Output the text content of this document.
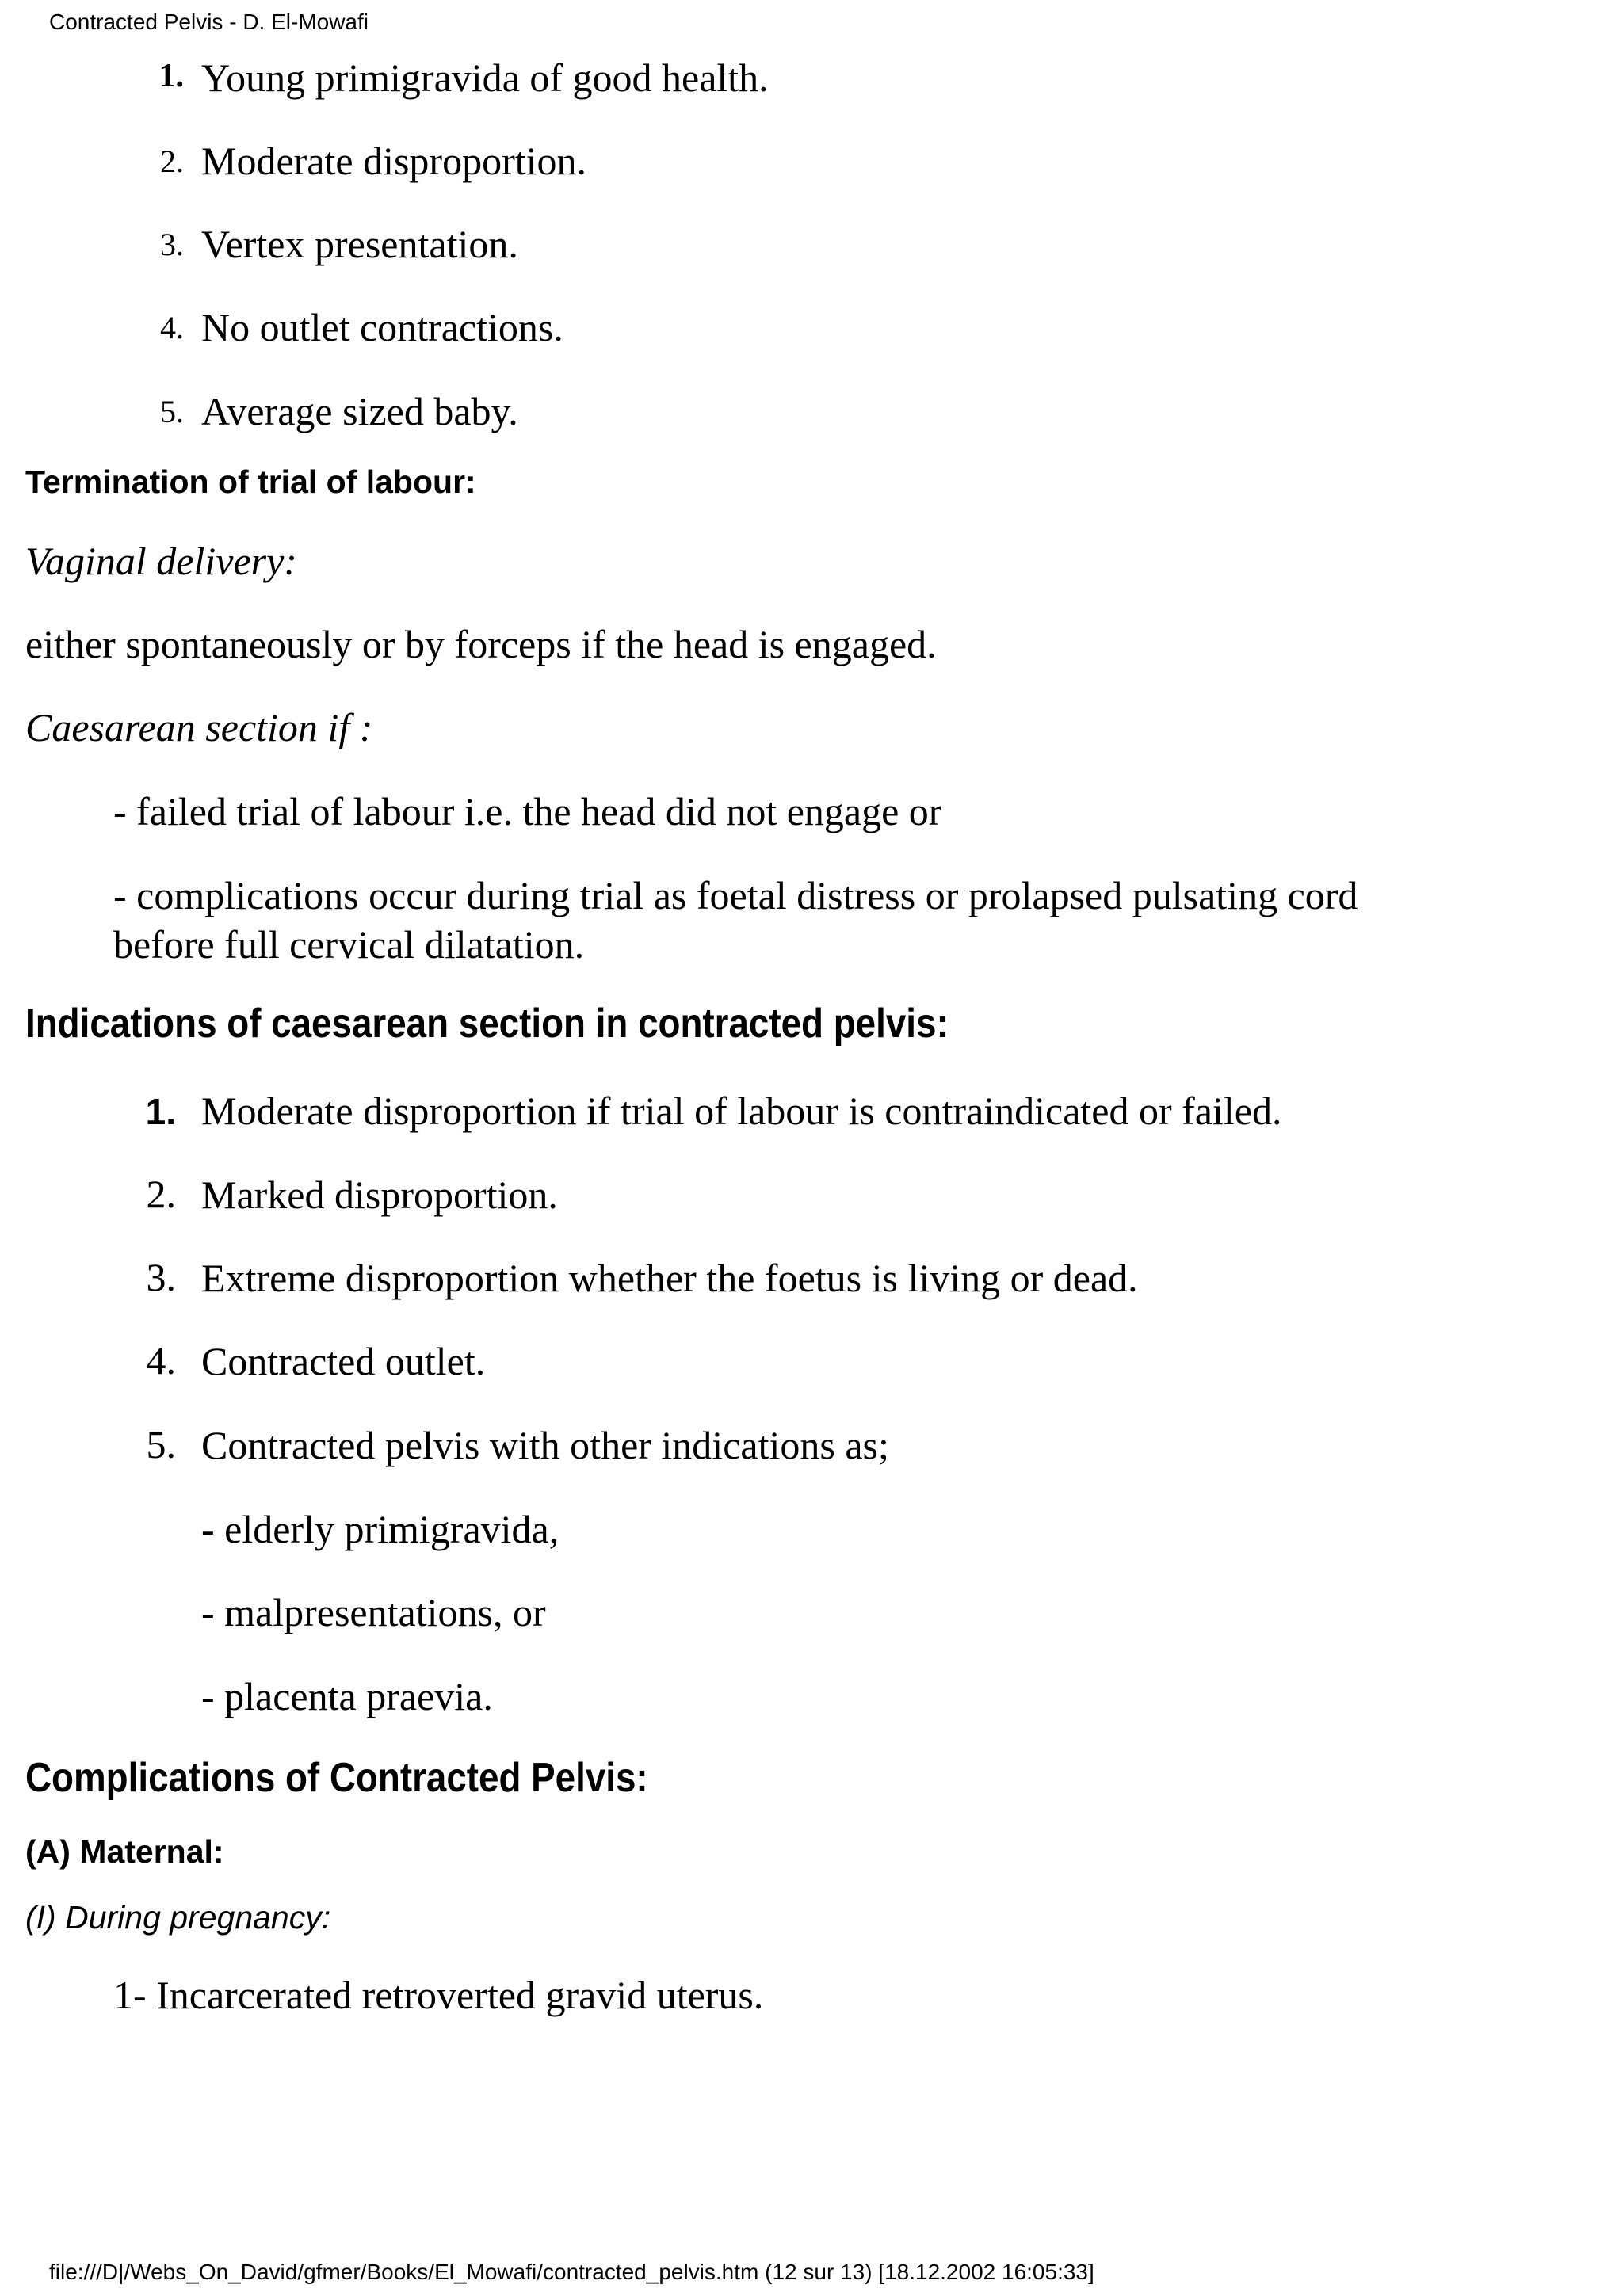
Contracted Pelvis - D. El-Mowafi
1. Young primigravida of good health.
2. Moderate disproportion.
3. Vertex presentation.
4. No outlet contractions.
5. Average sized baby.
Termination of trial of labour:
Vaginal delivery:
either spontaneously or by forceps if the head is engaged.
Caesarean section if :
- failed trial of labour i.e. the head did not engage or
- complications occur during trial as foetal distress or prolapsed pulsating cord
before full cervical dilatation.
Indications of caesarean section in contracted pelvis:
1. Moderate disproportion if trial of labour is contraindicated or failed.
2. Marked disproportion.
3. Extreme disproportion whether the foetus is living or dead.
4. Contracted outlet.
5. Contracted pelvis with other indications as;
- elderly primigravida,
- malpresentations, or
- placenta praevia.
Complications of Contracted Pelvis:
(A) Maternal:
(I) During pregnancy:
1- Incarcerated retroverted gravid uterus.
file:///D|/Webs_On_David/gfmer/Books/El_Mowafi/contracted_pelvis.htm (12 sur 13) [18.12.2002 16:05:33]
